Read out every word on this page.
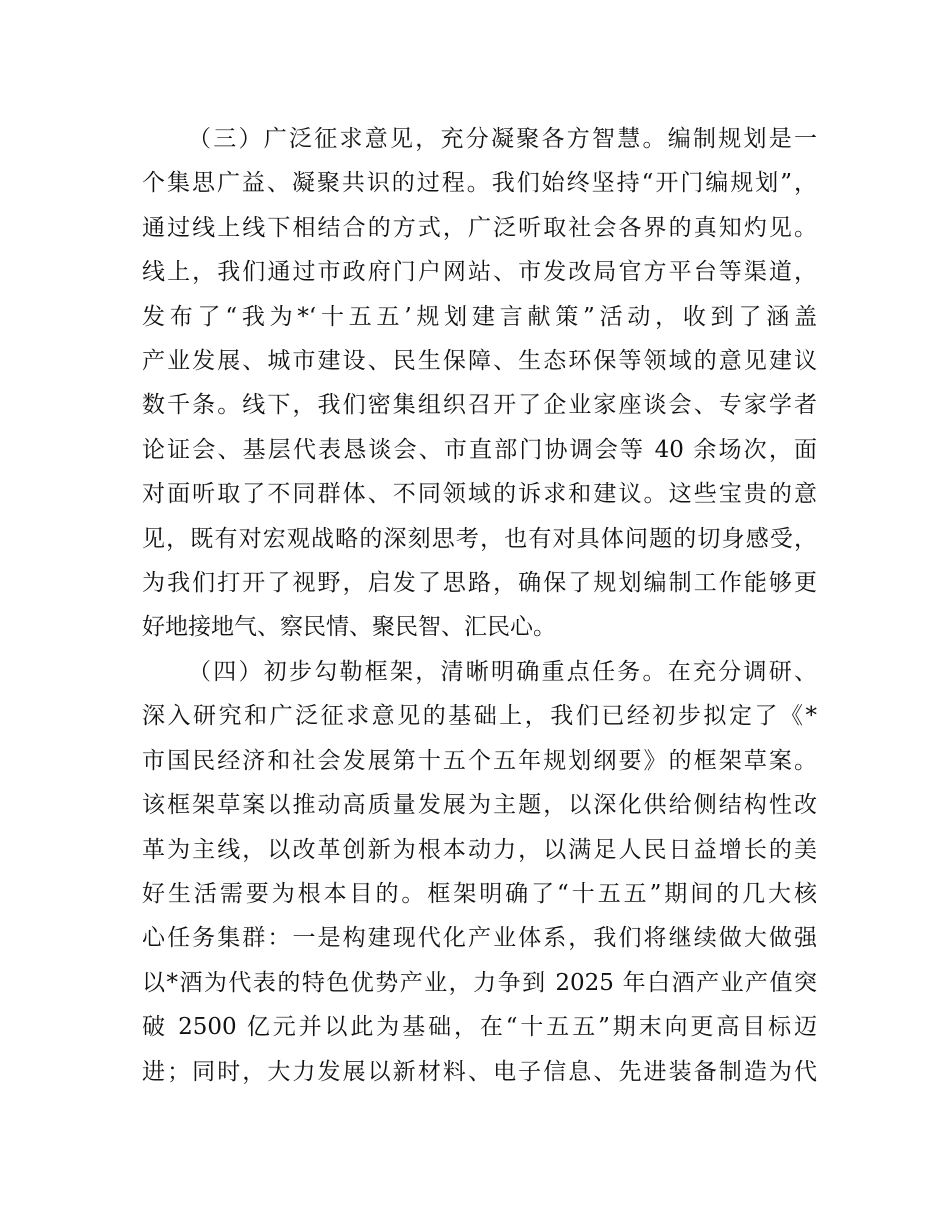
（三）广泛征求意见，充分凝聚各方智慧。编制规划是一
个集思广益、凝聚共识的过程。我们始终坚持“开门编规划”，
通过线上线下相结合的方式，广泛听取社会各界的真知灼见。
线上，我们通过市政府门户网站、市发改局官方平台等渠道，
发布了“我为*‘十五五’规划建言献策”活动，收到了涵盖
产业发展、城市建设、民生保障、生态环保等领域的意见建议
数千条。线下，我们密集组织召开了企业家座谈会、专家学者
论证会、基层代表恳谈会、市直部门协调会等 40 余场次，面
对面听取了不同群体、不同领域的诉求和建议。这些宝贵的意
见，既有对宏观战略的深刻思考，也有对具体问题的切身感受，
为我们打开了视野，启发了思路，确保了规划编制工作能够更
好地接地气、察民情、聚民智、汇民心。
（四）初步勾勒框架，清晰明确重点任务。在充分调研、
深入研究和广泛征求意见的基础上，我们已经初步拟定了《*
市国民经济和社会发展第十五个五年规划纲要》的框架草案。
该框架草案以推动高质量发展为主题，以深化供给侧结构性改
革为主线，以改革创新为根本动力，以满足人民日益增长的美
好生活需要为根本目的。框架明确了“十五五”期间的几大核
心任务集群：一是构建现代化产业体系，我们将继续做大做强
以*酒为代表的特色优势产业，力争到 2025 年白酒产业产值突
破 2500 亿元并以此为基础，在“十五五”期末向更高目标迈
进；同时，大力发展以新材料、电子信息、先进装备制造为代
